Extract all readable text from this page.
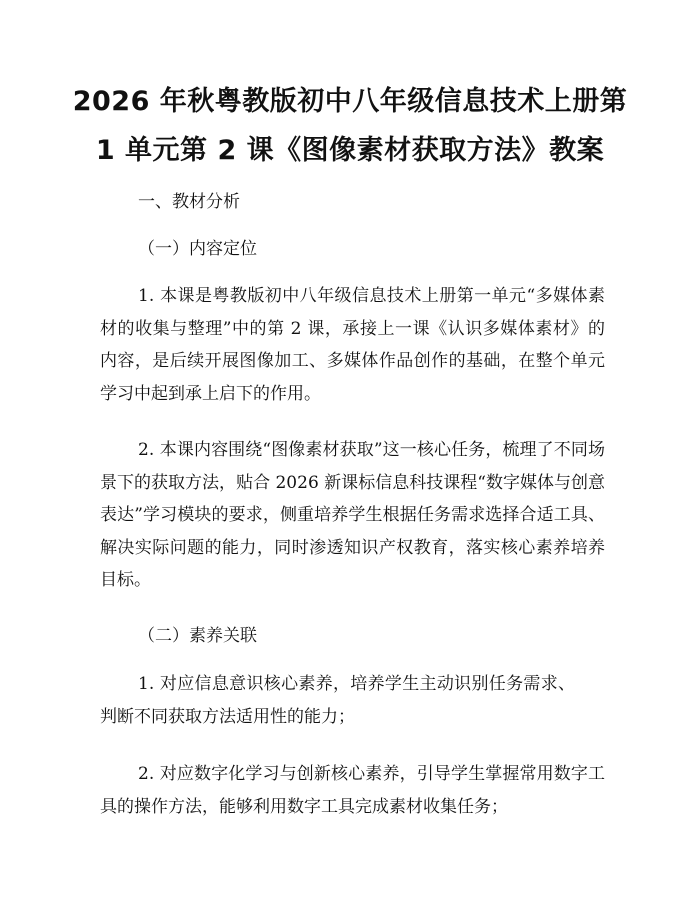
2026 年秋粤教版初中八年级信息技术上册第
1 单元第 2 课《图像素材获取方法》教案
一、教材分析
（一）内容定位

1. 本课是粤教版初中八年级信息技术上册第一单元“多媒体素材的收集与整理”中的第 2 课，承接上一课《认识多媒体素材》的内容，是后续开展图像加工、多媒体作品创作的基础，在整个单元学习中起到承上启下的作用。

2. 本课内容围绕“图像素材获取”这一核心任务，梳理了不同场景下的获取方法，贴合 2026 新课标信息科技课程“数字媒体与创意表达”学习模块的要求，侧重培养学生根据任务需求选择合适工具、解决实际问题的能力，同时渗透知识产权教育，落实核心素养培养目标。

（二）素养关联

1. 对应信息意识核心素养，培养学生主动识别任务需求、判断不同获取方法适用性的能力；

2. 对应数字化学习与创新核心素养，引导学生掌握常用数字工具的操作方法，能够利用数字工具完成素材收集任务；
